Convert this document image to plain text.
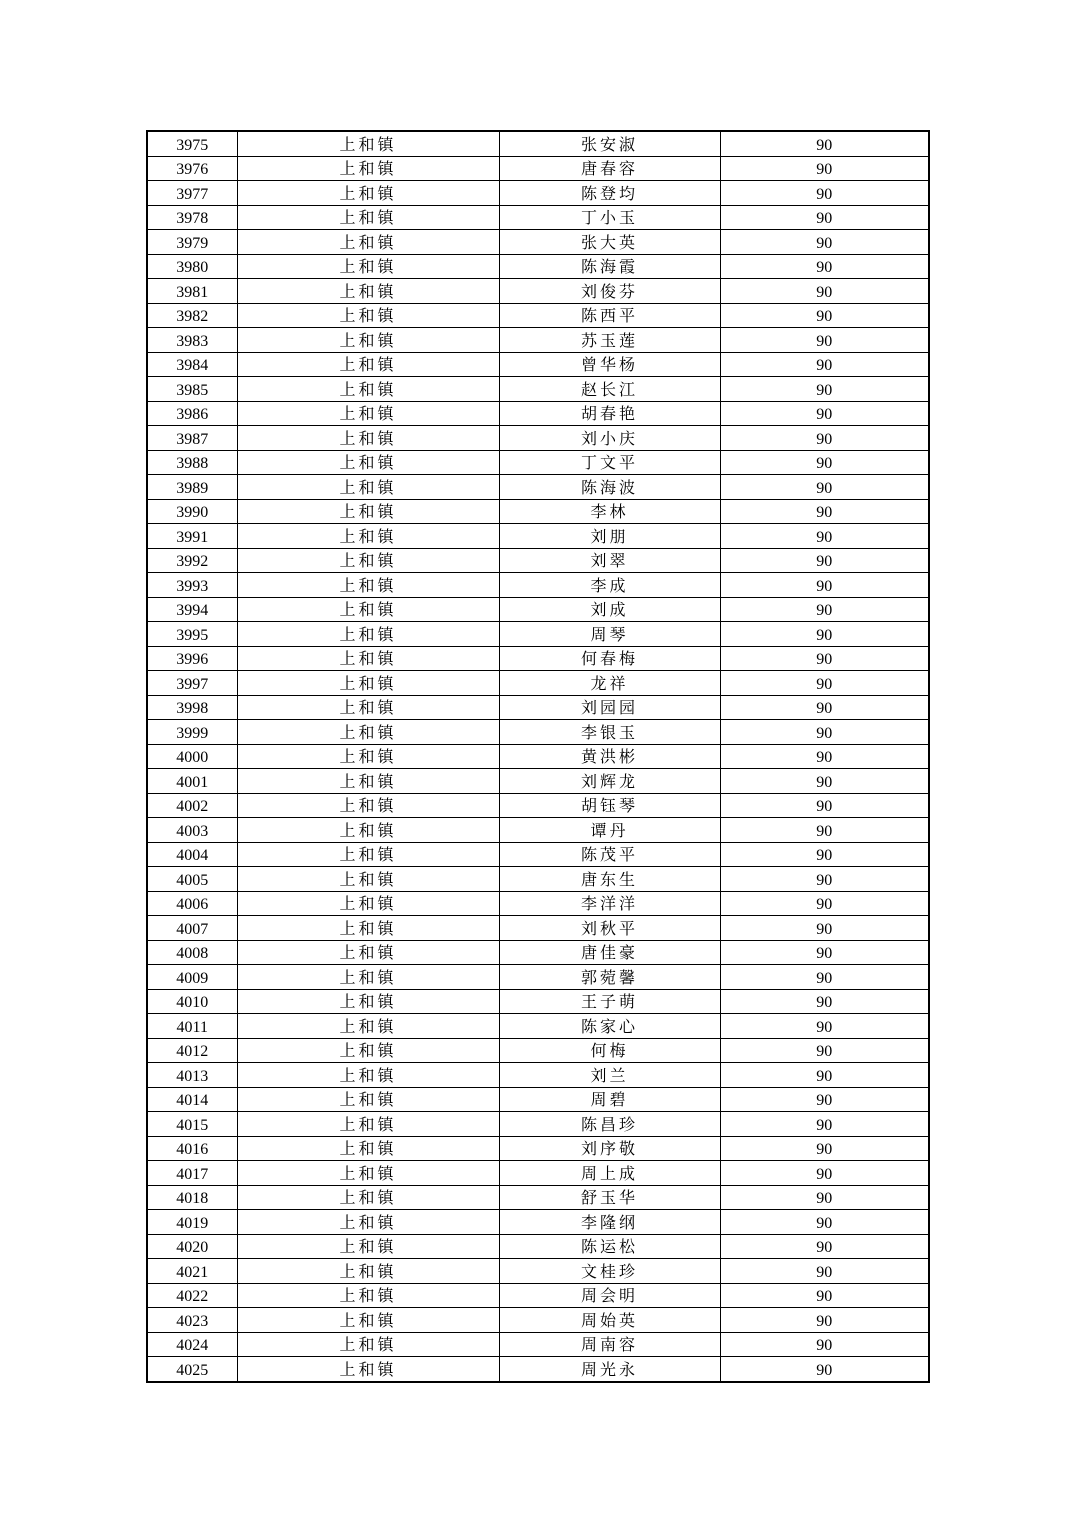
3975	上和镇	张安淑	90
3976	上和镇	唐春容	90
3977	上和镇	陈登均	90
3978	上和镇	丁小玉	90
3979	上和镇	张大英	90
3980	上和镇	陈海霞	90
3981	上和镇	刘俊芬	90
3982	上和镇	陈西平	90
3983	上和镇	苏玉莲	90
3984	上和镇	曾华杨	90
3985	上和镇	赵长江	90
3986	上和镇	胡春艳	90
3987	上和镇	刘小庆	90
3988	上和镇	丁文平	90
3989	上和镇	陈海波	90
3990	上和镇	李林	90
3991	上和镇	刘朋	90
3992	上和镇	刘翠	90
3993	上和镇	李成	90
3994	上和镇	刘成	90
3995	上和镇	周琴	90
3996	上和镇	何春梅	90
3997	上和镇	龙祥	90
3998	上和镇	刘园园	90
3999	上和镇	李银玉	90
4000	上和镇	黄洪彬	90
4001	上和镇	刘辉龙	90
4002	上和镇	胡钰琴	90
4003	上和镇	谭丹	90
4004	上和镇	陈茂平	90
4005	上和镇	唐东生	90
4006	上和镇	李洋洋	90
4007	上和镇	刘秋平	90
4008	上和镇	唐佳豪	90
4009	上和镇	郭菀馨	90
4010	上和镇	王子萌	90
4011	上和镇	陈家心	90
4012	上和镇	何梅	90
4013	上和镇	刘兰	90
4014	上和镇	周碧	90
4015	上和镇	陈昌珍	90
4016	上和镇	刘序敬	90
4017	上和镇	周上成	90
4018	上和镇	舒玉华	90
4019	上和镇	李隆纲	90
4020	上和镇	陈运松	90
4021	上和镇	文桂珍	90
4022	上和镇	周会明	90
4023	上和镇	周始英	90
4024	上和镇	周南容	90
4025	上和镇	周光永	90
